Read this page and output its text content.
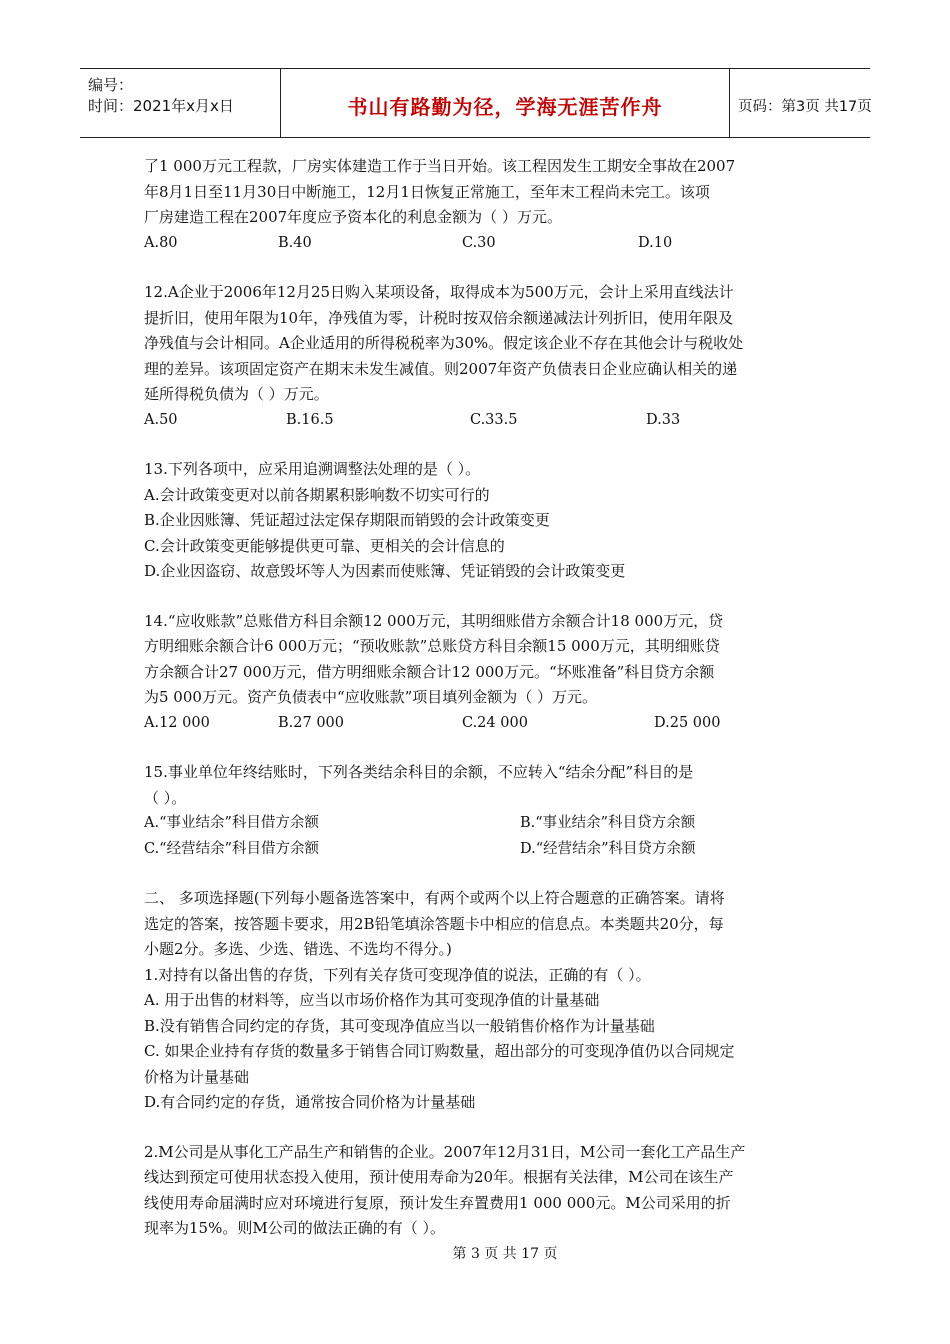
编号：
时间：2021年x月x日	书山有路勤为径，学海无涯苦作舟	页码：第3页 共17页

了1 000万元工程款，厂房实体建造工作于当日开始。该工程因发生工期安全事故在2007

年8月1日至11月30日中断施工，12月1日恢复正常施工，至年末工程尚未完工。该项

厂房建造工程在2007年度应予资本化的利息金额为（ ）万元。

A.80	B.40	C.30	D.10

12.A企业于2006年12月25日购入某项设备，取得成本为500万元，会计上采用直线法计

提折旧，使用年限为10年，净残值为零，计税时按双倍余额递减法计列折旧，使用年限及

净残值与会计相同。A企业适用的所得税税率为30%。假定该企业不存在其他会计与税收处

理的差异。该项固定资产在期末未发生减值。则2007年资产负债表日企业应确认相关的递

延所得税负债为（ ）万元。

A.50	B.16.5	C.33.5	D.33

13.下列各项中，应采用追溯调整法处理的是（ ）。

A.会计政策变更对以前各期累积影响数不切实可行的

B.企业因账簿、凭证超过法定保存期限而销毁的会计政策变更

C.会计政策变更能够提供更可靠、更相关的会计信息的

D.企业因盗窃、故意毁坏等人为因素而使账簿、凭证销毁的会计政策变更

14.“应收账款”总账借方科目余额12 000万元，其明细账借方余额合计18 000万元，贷

方明细账余额合计6 000万元；“预收账款”总账贷方科目余额15 000万元，其明细账贷

方余额合计27 000万元，借方明细账余额合计12 000万元。“坏账准备”科目贷方余额

为5 000万元。资产负债表中“应收账款”项目填列金额为（ ）万元。

A.12 000	B.27 000	C.24 000	D.25 000

15.事业单位年终结账时，下列各类结余科目的余额，不应转入“结余分配”科目的是

（ ）。

A.“事业结余”科目借方余额	B.“事业结余”科目贷方余额
C.“经营结余”科目借方余额	D.“经营结余”科目贷方余额

二、 多项选择题(下列每小题备选答案中，有两个或两个以上符合题意的正确答案。请将

选定的答案，按答题卡要求，用2B铅笔填涂答题卡中相应的信息点。本类题共20分，每

小题2分。多选、少选、错选、不选均不得分。)

1.对持有以备出售的存货，下列有关存货可变现净值的说法，正确的有（ ）。

A. 用于出售的材料等，应当以市场价格作为其可变现净值的计量基础

B.没有销售合同约定的存货，其可变现净值应当以一般销售价格作为计量基础

C. 如果企业持有存货的数量多于销售合同订购数量，超出部分的可变现净值仍以合同规定

价格为计量基础

D.有合同约定的存货，通常按合同价格为计量基础

2.M公司是从事化工产品生产和销售的企业。2007年12月31日，M公司一套化工产品生产

线达到预定可使用状态投入使用，预计使用寿命为20年。根据有关法律，M公司在该生产

线使用寿命届满时应对环境进行复原，预计发生弃置费用1 000 000元。M公司采用的折

现率为15%。则M公司的做法正确的有（ ）。

第 3 页 共 17 页
